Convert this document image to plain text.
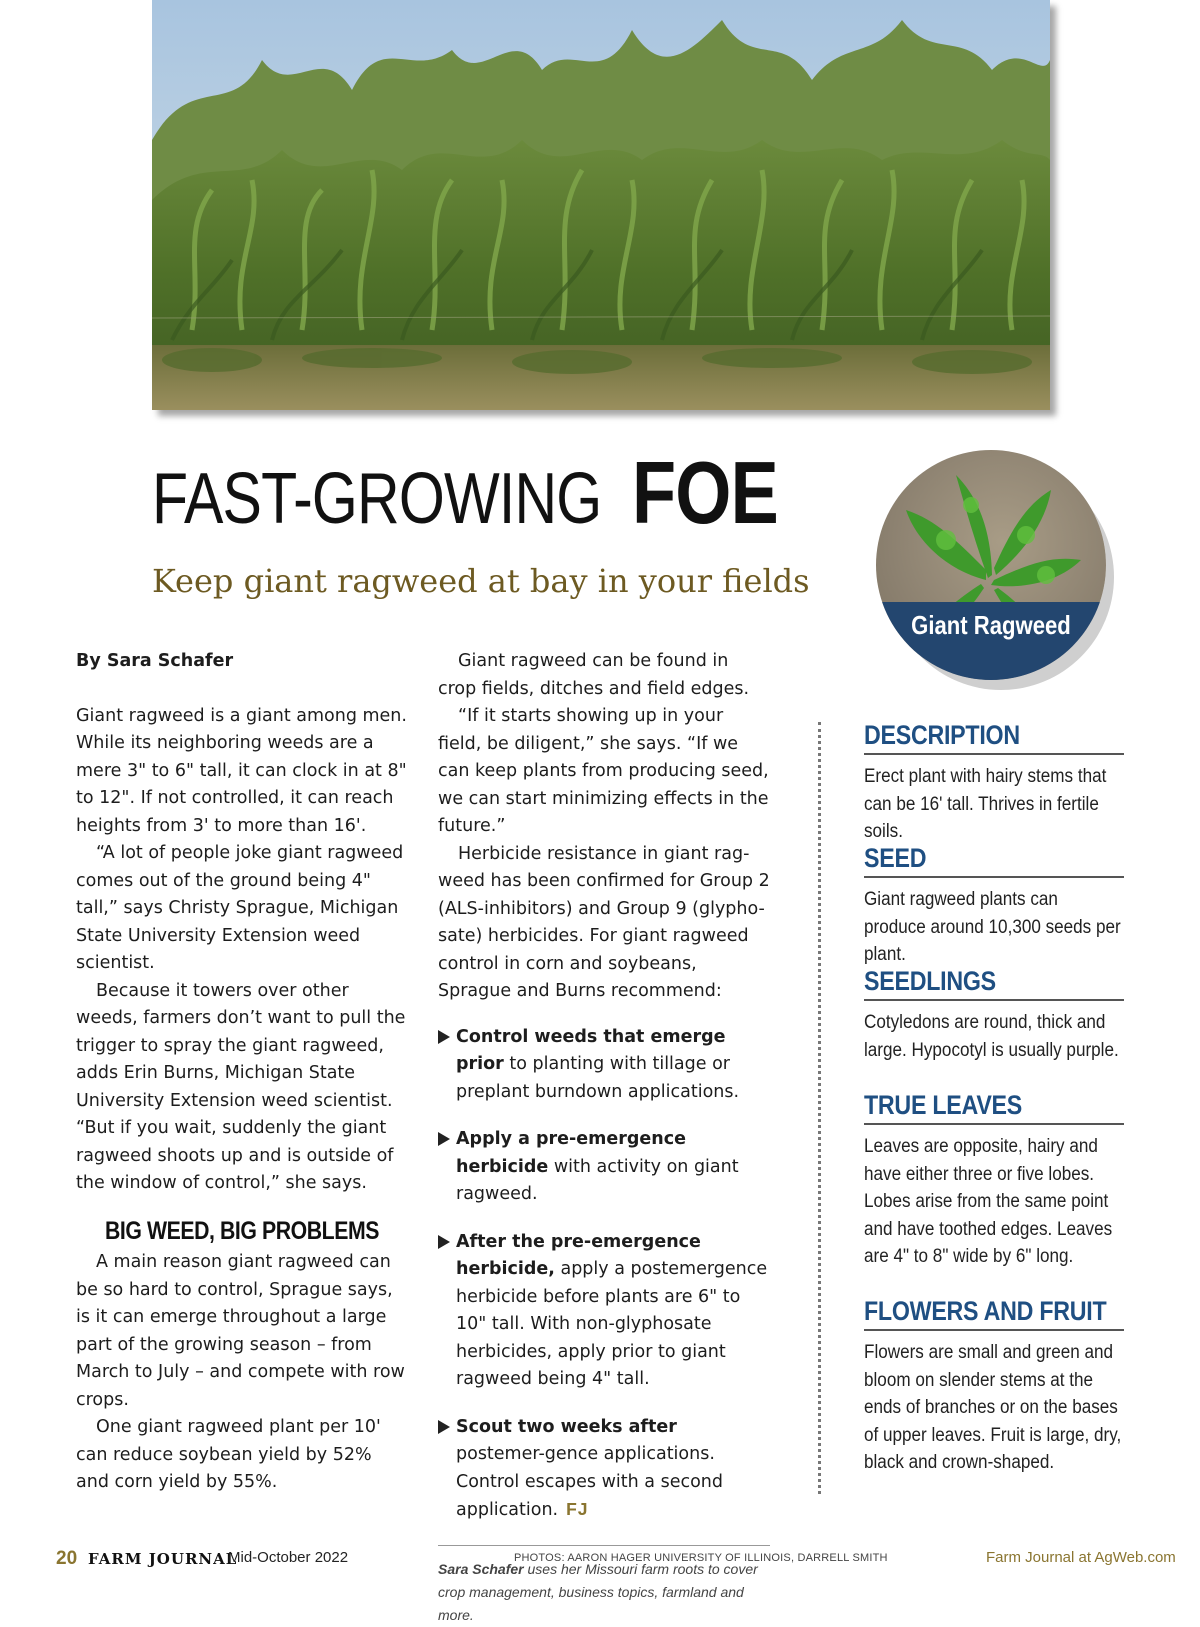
FAST-GROWING FOE

Keep giant ragweed at bay in your fields

By Sara Schafer

Giant ragweed is a giant among men. While its neighboring weeds are a mere 3" to 6" tall, it can clock in at 8" to 12". If not controlled, it can reach heights from 3' to more than 16'.

“A lot of people joke giant ragweed comes out of the ground being 4" tall,” says Christy Sprague, Michigan State University Extension weed scientist.

Because it towers over other weeds, farmers don’t want to pull the trigger to spray the giant ragweed, adds Erin Burns, Michigan State University Extension weed scientist. “But if you wait, suddenly the giant ragweed shoots up and is outside of the window of control,” she says.

BIG WEED, BIG PROBLEMS

A main reason giant ragweed can be so hard to control, Sprague says, is it can emerge throughout a large part of the growing season – from March to July – and compete with row crops.

One giant ragweed plant per 10' can reduce soybean yield by 52% and corn yield by 55%.

Giant ragweed can be found in crop fields, ditches and field edges.

“If it starts showing up in your field, be diligent,” she says. “If we can keep plants from producing seed, we can start minimizing effects in the future.”

Herbicide resistance in giant rag-weed has been confirmed for Group 2 (ALS-inhibitors) and Group 9 (glypho-sate) herbicides. For giant ragweed control in corn and soybeans, Sprague and Burns recommend:

Control weeds that emerge prior to planting with tillage or preplant burndown applications.
Apply a pre-emergence herbicide with activity on giant ragweed.
After the pre-emergence herbicide, apply a postemergence herbicide before plants are 6" to 10" tall. With non-glyphosate herbicides, apply prior to giant ragweed being 4" tall.
Scout two weeks after postemer-gence applications. Control escapes with a second application. FJ

Sara Schafer uses her Missouri farm roots to cover crop management, business topics, farmland and more.

Giant Ragweed
DESCRIPTION

Erect plant with hairy stems that can be 16' tall. Thrives in fertile soils.

SEED

Giant ragweed plants can produce around 10,300 seeds per plant.

SEEDLINGS

Cotyledons are round, thick and large. Hypocotyl is usually purple.

TRUE LEAVES

Leaves are opposite, hairy and have either three or five lobes. Lobes arise from the same point and have toothed edges. Leaves are 4" to 8" wide by 6" long.

FLOWERS AND FRUIT

Flowers are small and green and bloom on slender stems at the ends of branches or on the bases of upper leaves. Fruit is large, dry, black and crown-shaped.

20 FARM JOURNAL
Mid-October 2022	PHOTOS: AARON HAGER UNIVERSITY OF ILLINOIS, DARRELL SMITH	Farm Journal at AgWeb.com
